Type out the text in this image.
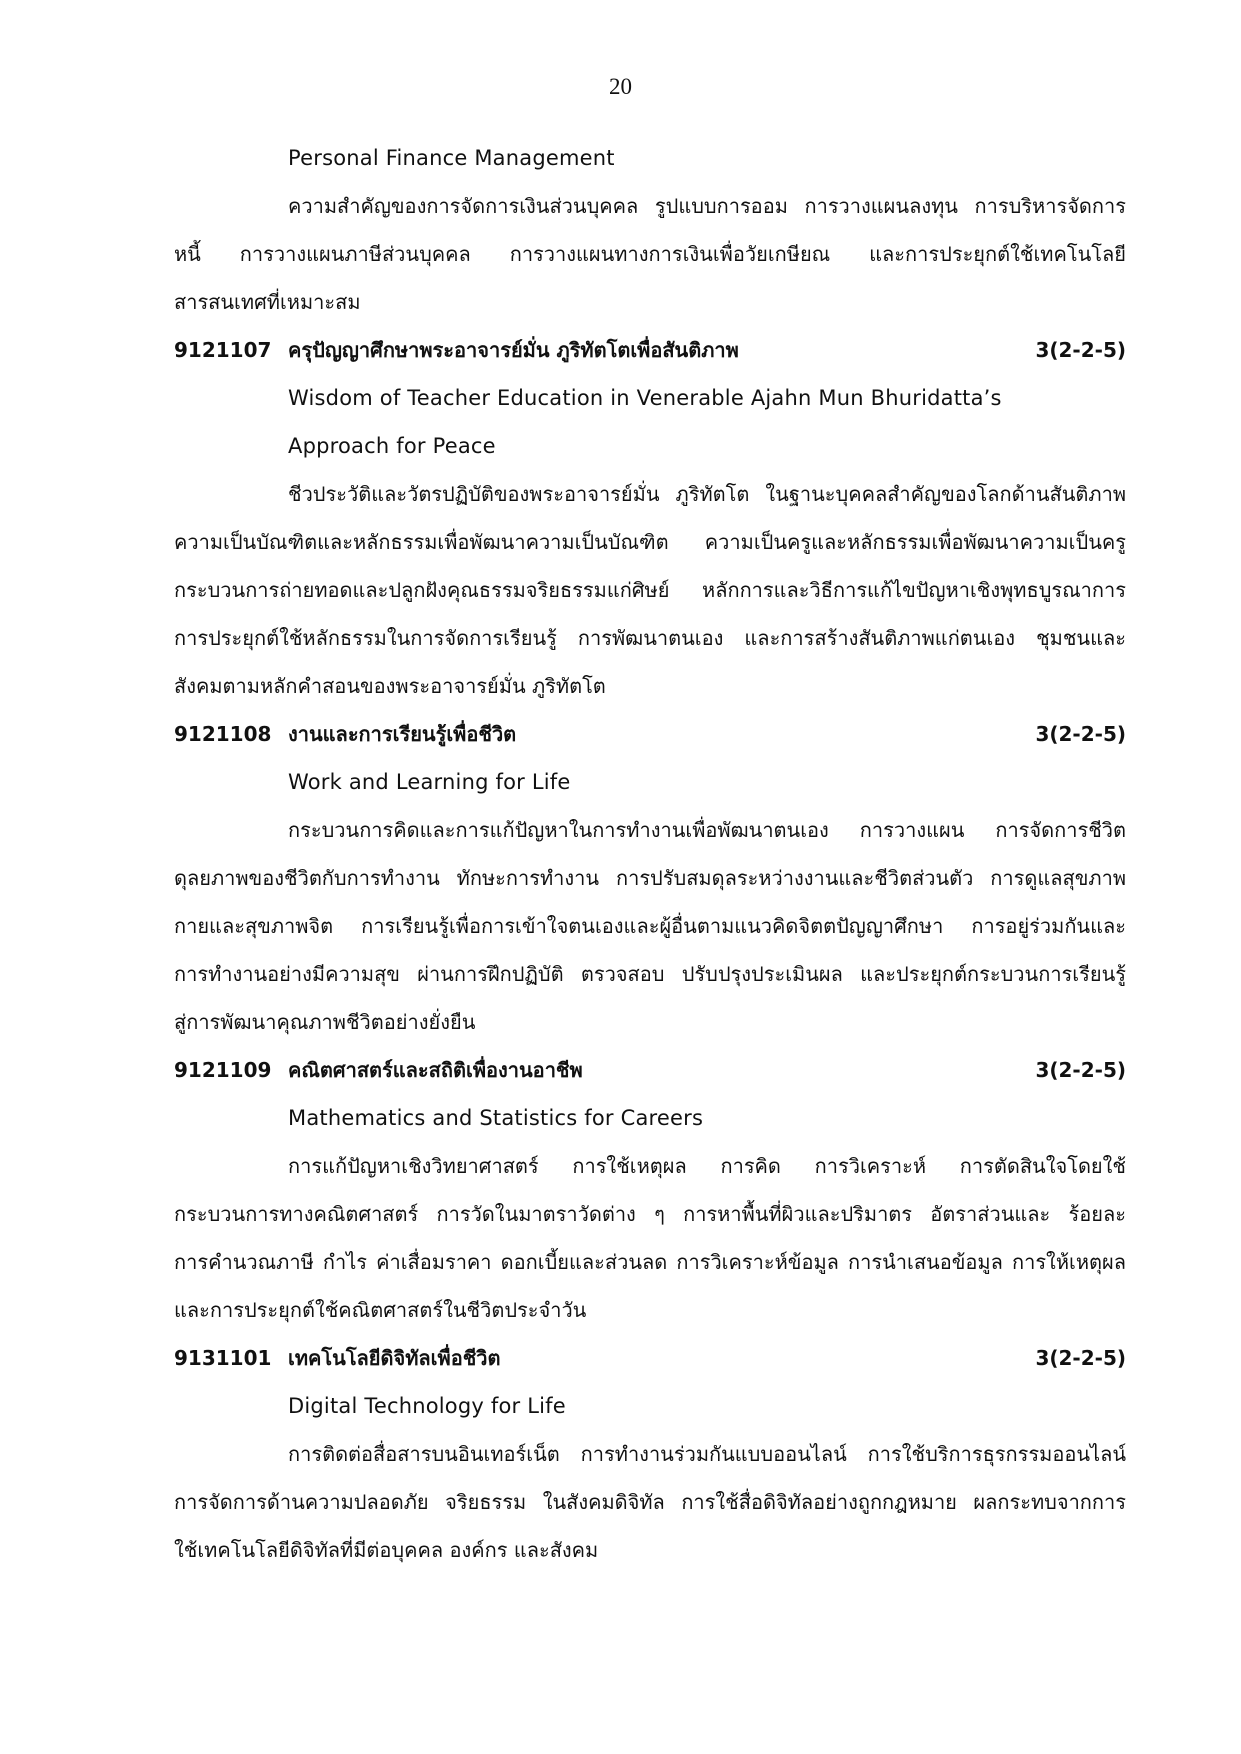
20
Personal Finance Management
ความสำคัญของการจัดการเงินส่วนบุคคล รูปแบบการออม การวางแผนลงทุน การบริหารจัดการ
หนี้ การวางแผนภาษีส่วนบุคคล การวางแผนทางการเงินเพื่อวัยเกษียณ และการประยุกต์ใช้เทคโนโลยี
สารสนเทศที่เหมาะสม
9121107 ครุปัญญาศึกษาพระอาจารย์มั่น ภูริทัตโตเพื่อสันติภาพ	3(2-2-5)
Wisdom of Teacher Education in Venerable Ajahn Mun Bhuridatta’s
Approach for Peace
ชีวประวัติและวัตรปฏิบัติของพระอาจารย์มั่น ภูริทัตโต ในฐานะบุคคลสำคัญของโลกด้านสันติภาพ
ความเป็นบัณฑิตและหลักธรรมเพื่อพัฒนาความเป็นบัณฑิต ความเป็นครูและหลักธรรมเพื่อพัฒนาความเป็นครู
กระบวนการถ่ายทอดและปลูกฝังคุณธรรมจริยธรรมแก่ศิษย์ หลักการและวิธีการแก้ไขปัญหาเชิงพุทธบูรณาการ
การประยุกต์ใช้หลักธรรมในการจัดการเรียนรู้ การพัฒนาตนเอง และการสร้างสันติภาพแก่ตนเอง ชุมชนและ
สังคมตามหลักคำสอนของพระอาจารย์มั่น ภูริทัตโต
9121108 งานและการเรียนรู้เพื่อชีวิต	3(2-2-5)
Work and Learning for Life
กระบวนการคิดและการแก้ปัญหาในการทำงานเพื่อพัฒนาตนเอง การวางแผน การจัดการชีวิต
ดุลยภาพของชีวิตกับการทำงาน ทักษะการทำงาน การปรับสมดุลระหว่างงานและชีวิตส่วนตัว การดูแลสุขภาพ
กายและสุขภาพจิต การเรียนรู้เพื่อการเข้าใจตนเองและผู้อื่นตามแนวคิดจิตตปัญญาศึกษา การอยู่ร่วมกันและ
การทำงานอย่างมีความสุข ผ่านการฝึกปฏิบัติ ตรวจสอบ ปรับปรุงประเมินผล และประยุกต์กระบวนการเรียนรู้
สู่การพัฒนาคุณภาพชีวิตอย่างยั่งยืน
9121109 คณิตศาสตร์และสถิติเพื่องานอาชีพ	3(2-2-5)
Mathematics and Statistics for Careers
การแก้ปัญหาเชิงวิทยาศาสตร์ การใช้เหตุผล การคิด การวิเคราะห์ การตัดสินใจโดยใช้
กระบวนการทางคณิตศาสตร์ การวัดในมาตราวัดต่าง ๆ การหาพื้นที่ผิวและปริมาตร อัตราส่วนและ ร้อยละ
การคำนวณภาษี กำไร ค่าเสื่อมราคา ดอกเบี้ยและส่วนลด การวิเคราะห์ข้อมูล การนำเสนอข้อมูล การให้เหตุผล
และการประยุกต์ใช้คณิตศาสตร์ในชีวิตประจำวัน
9131101 เทคโนโลยีดิจิทัลเพื่อชีวิต	3(2-2-5)
Digital Technology for Life
การติดต่อสื่อสารบนอินเทอร์เน็ต การทำงานร่วมกันแบบออนไลน์ การใช้บริการธุรกรรมออนไลน์
การจัดการด้านความปลอดภัย จริยธรรม ในสังคมดิจิทัล การใช้สื่อดิจิทัลอย่างถูกกฎหมาย ผลกระทบจากการ
ใช้เทคโนโลยีดิจิทัลที่มีต่อบุคคล องค์กร และสังคม
